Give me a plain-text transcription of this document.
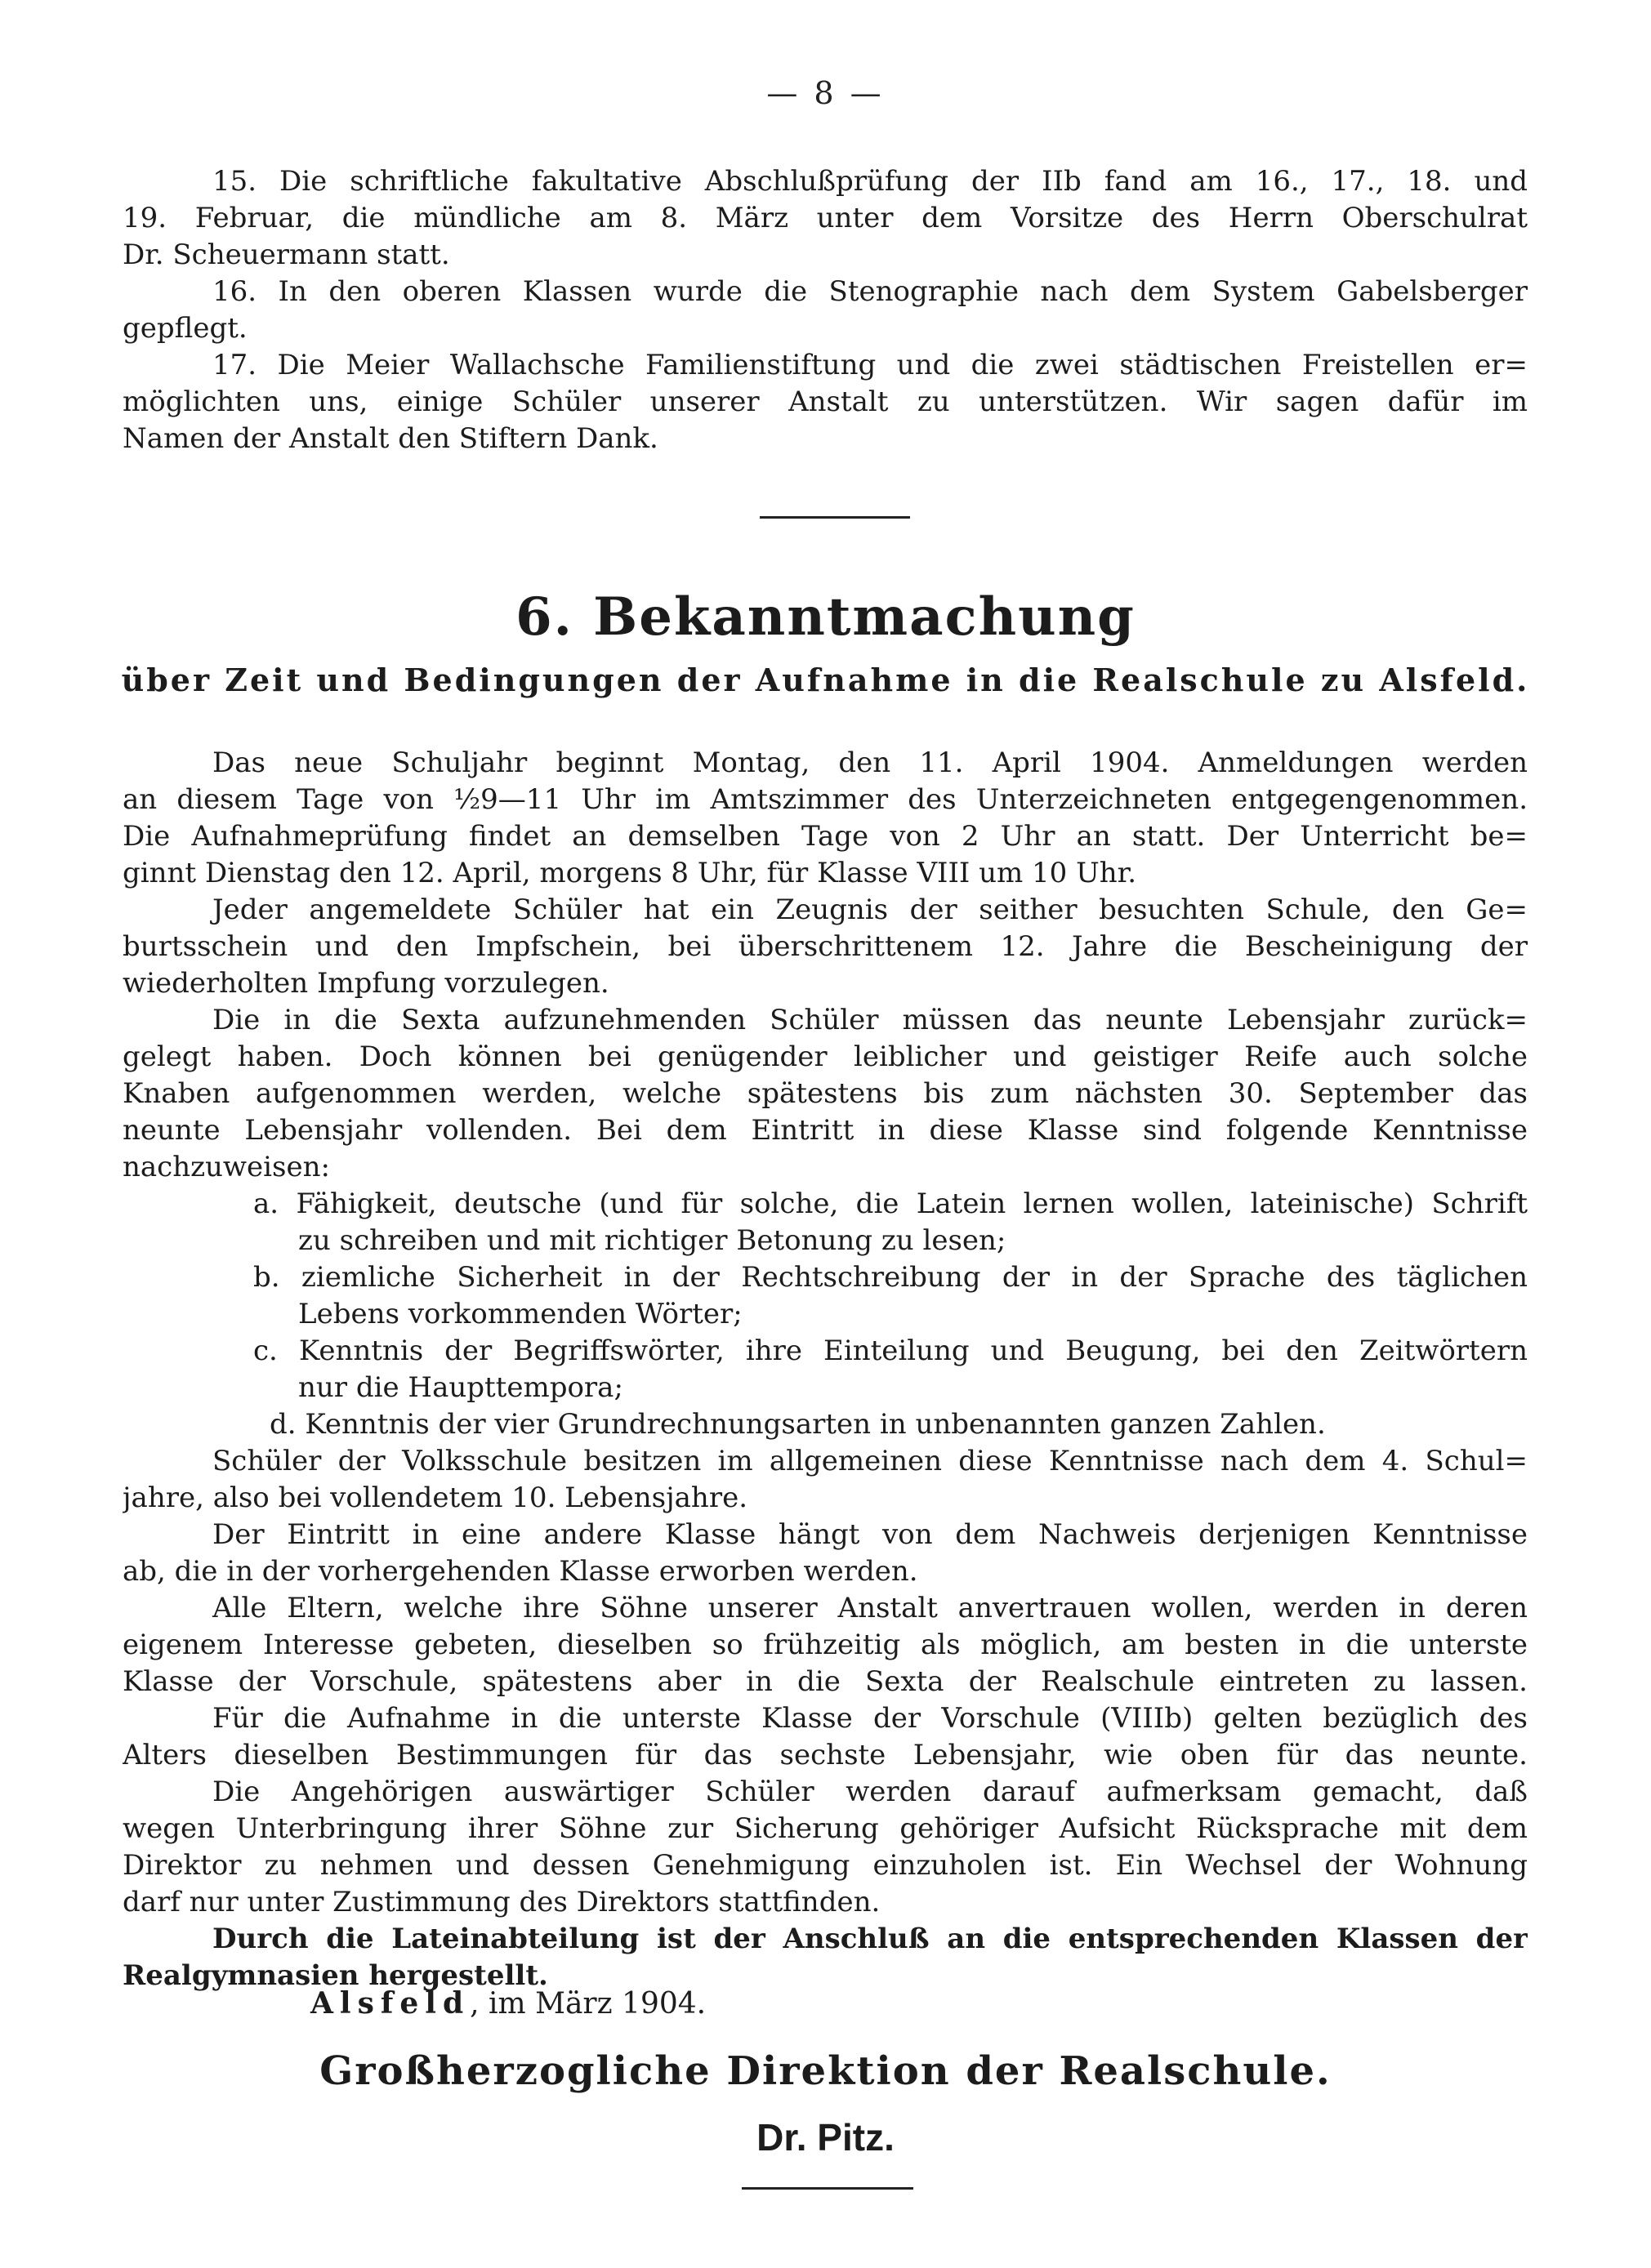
— 8 —
15. Die schriftliche fakultative Abschlußprüfung der IIb fand am 16., 17., 18. und
19. Februar, die mündliche am 8. März unter dem Vorsitze des Herrn Oberschulrat
Dr. Scheuermann statt.
16. In den oberen Klassen wurde die Stenographie nach dem System Gabelsberger
gepflegt.
17. Die Meier Wallachsche Familienstiftung und die zwei städtischen Freistellen er=
möglichten uns, einige Schüler unserer Anstalt zu unterstützen. Wir sagen dafür im
Namen der Anstalt den Stiftern Dank.
6. Bekanntmachung
über Zeit und Bedingungen der Aufnahme in die Realschule zu Alsfeld.
Das neue Schuljahr beginnt Montag, den 11. April 1904. Anmeldungen werden
an diesem Tage von ½9—11 Uhr im Amtszimmer des Unterzeichneten entgegengenommen.
Die Aufnahmeprüfung findet an demselben Tage von 2 Uhr an statt. Der Unterricht be=
ginnt Dienstag den 12. April, morgens 8 Uhr, für Klasse VIII um 10 Uhr.
Jeder angemeldete Schüler hat ein Zeugnis der seither besuchten Schule, den Ge=
burtsschein und den Impfschein, bei überschrittenem 12. Jahre die Bescheinigung der
wiederholten Impfung vorzulegen.
Die in die Sexta aufzunehmenden Schüler müssen das neunte Lebensjahr zurück=
gelegt haben. Doch können bei genügender leiblicher und geistiger Reife auch solche
Knaben aufgenommen werden, welche spätestens bis zum nächsten 30. September das
neunte Lebensjahr vollenden. Bei dem Eintritt in diese Klasse sind folgende Kenntnisse
nachzuweisen:
a. Fähigkeit, deutsche (und für solche, die Latein lernen wollen, lateinische) Schrift
zu schreiben und mit richtiger Betonung zu lesen;
b. ziemliche Sicherheit in der Rechtschreibung der in der Sprache des täglichen
Lebens vorkommenden Wörter;
c. Kenntnis der Begriffswörter, ihre Einteilung und Beugung, bei den Zeitwörtern
nur die Haupttempora;
d. Kenntnis der vier Grundrechnungsarten in unbenannten ganzen Zahlen.
Schüler der Volksschule besitzen im allgemeinen diese Kenntnisse nach dem 4. Schul=
jahre, also bei vollendetem 10. Lebensjahre.
Der Eintritt in eine andere Klasse hängt von dem Nachweis derjenigen Kenntnisse
ab, die in der vorhergehenden Klasse erworben werden.
Alle Eltern, welche ihre Söhne unserer Anstalt anvertrauen wollen, werden in deren
eigenem Interesse gebeten, dieselben so frühzeitig als möglich, am besten in die unterste
Klasse der Vorschule, spätestens aber in die Sexta der Realschule eintreten zu lassen.
Für die Aufnahme in die unterste Klasse der Vorschule (VIIIb) gelten bezüglich des
Alters dieselben Bestimmungen für das sechste Lebensjahr, wie oben für das neunte.
Die Angehörigen auswärtiger Schüler werden darauf aufmerksam gemacht, daß
wegen Unterbringung ihrer Söhne zur Sicherung gehöriger Aufsicht Rücksprache mit dem
Direktor zu nehmen und dessen Genehmigung einzuholen ist. Ein Wechsel der Wohnung
darf nur unter Zustimmung des Direktors stattfinden.
Durch die Lateinabteilung ist der Anschluß an die entsprechenden Klassen der
Realgymnasien hergestellt.
Alsfeld, im März 1904.
Großherzogliche Direktion der Realschule.
Dr. Pitz.
